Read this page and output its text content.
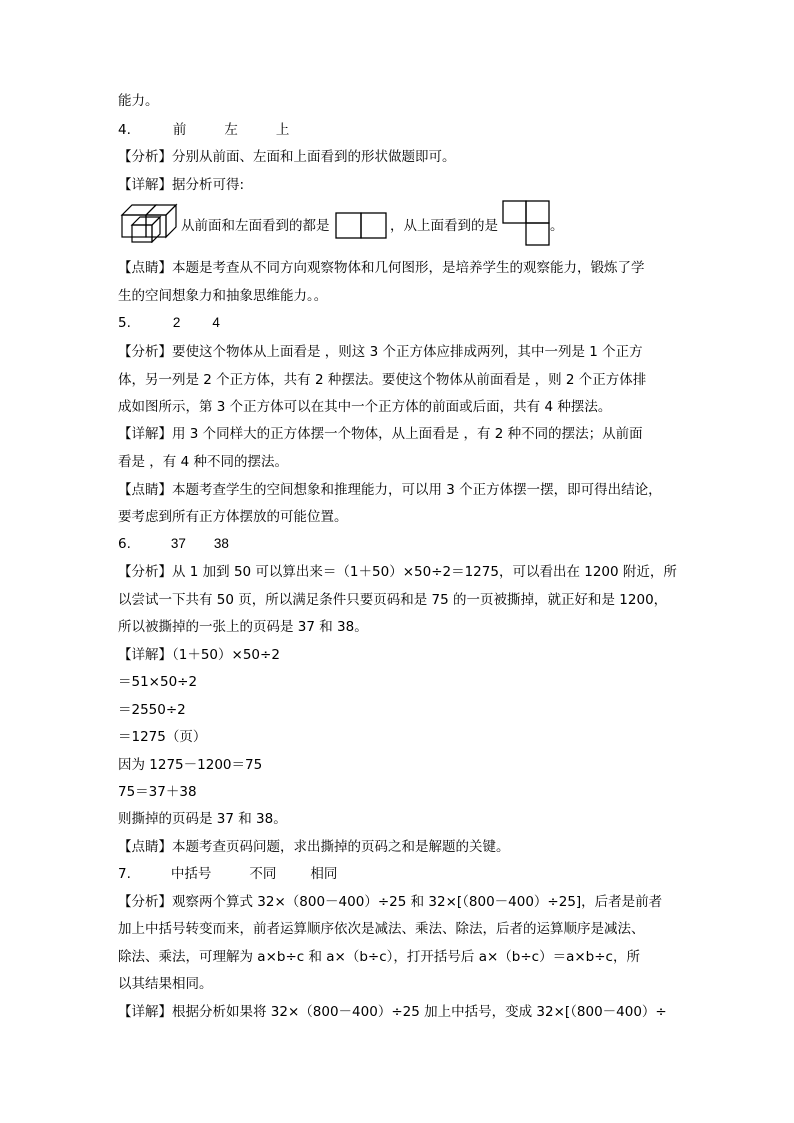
能力。
4.	前	左	上
【分析】分别从前面、左面和上面看到的形状做题即可。
【详解】据分析可得:
从前面和左面看到的都是	，从上面看到的是	。
【点睛】本题是考查从不同方向观察物体和几何图形，是培养学生的观察能力，锻炼了学
生的空间想象力和抽象思维能力。。
5.	2 4
【分析】要使这个物体从上面看是 ，则这 3 个正方体应排成两列，其中一列是 1 个正方
体，另一列是 2 个正方体，共有 2 种摆法。要使这个物体从前面看是 ，则 2 个正方体排
成如图所示，第 3 个正方体可以在其中一个正方体的前面或后面，共有 4 种摆法。
【详解】用 3 个同样大的正方体摆一个物体，从上面看是 ，有 2 种不同的摆法；从前面
看是 ，有 4 种不同的摆法。
【点睛】本题考查学生的空间想象和推理能力，可以用 3 个正方体摆一摆，即可得出结论，
要考虑到所有正方体摆放的可能位置。
6.	37 38
【分析】从 1 加到 50 可以算出来＝（1＋50）×50÷2＝1275，可以看出在 1200 附近，所
以尝试一下共有 50 页，所以满足条件只要页码和是 75 的一页被撕掉，就正好和是 1200，
所以被撕掉的一张上的页码是 37 和 38。
【详解】（1＋50）×50÷2
＝51×50÷2
＝2550÷2
＝1275（页）
因为 1275－1200＝75
75＝37＋38
则撕掉的页码是 37 和 38。
【点睛】本题考查页码问题，求出撕掉的页码之和是解题的关键。
7.	中括号	不同	相同
【分析】观察两个算式 32×（800－400）÷25 和 32×[（800－400）÷25]，后者是前者
加上中括号转变而来，前者运算顺序依次是减法、乘法、除法，后者的运算顺序是减法、
除法、乘法，可理解为 a×b÷c 和 a×（b÷c），打开括号后 a×（b÷c）＝a×b÷c，所
以其结果相同。
【详解】根据分析如果将 32×（800－400）÷25 加上中括号，变成 32×[（800－400）÷
